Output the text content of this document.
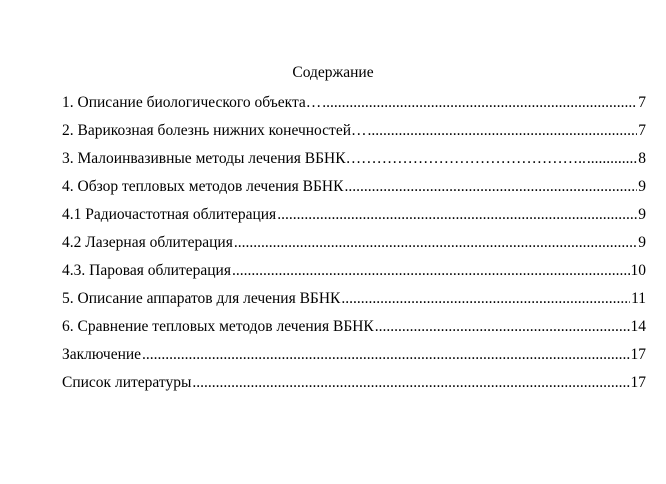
Содержание
1. Описание биологического объекта… .....	7
2. Варикозная болезнь нижних конечностей… .....	7
3. Малоинвазивные методы лечения ВБНК……………………………………….. .....	8
4. Обзор тепловых методов лечения ВБНК .....	9
4.1 Радиочастотная облитерация .....	9
4.2 Лазерная облитерация .....	9
4.3. Паровая облитерация .....	10
5. Описание аппаратов для лечения ВБНК .....	11
6. Сравнение тепловых методов лечения ВБНК .....	14
Заключение .....	17
Список литературы .....	17
